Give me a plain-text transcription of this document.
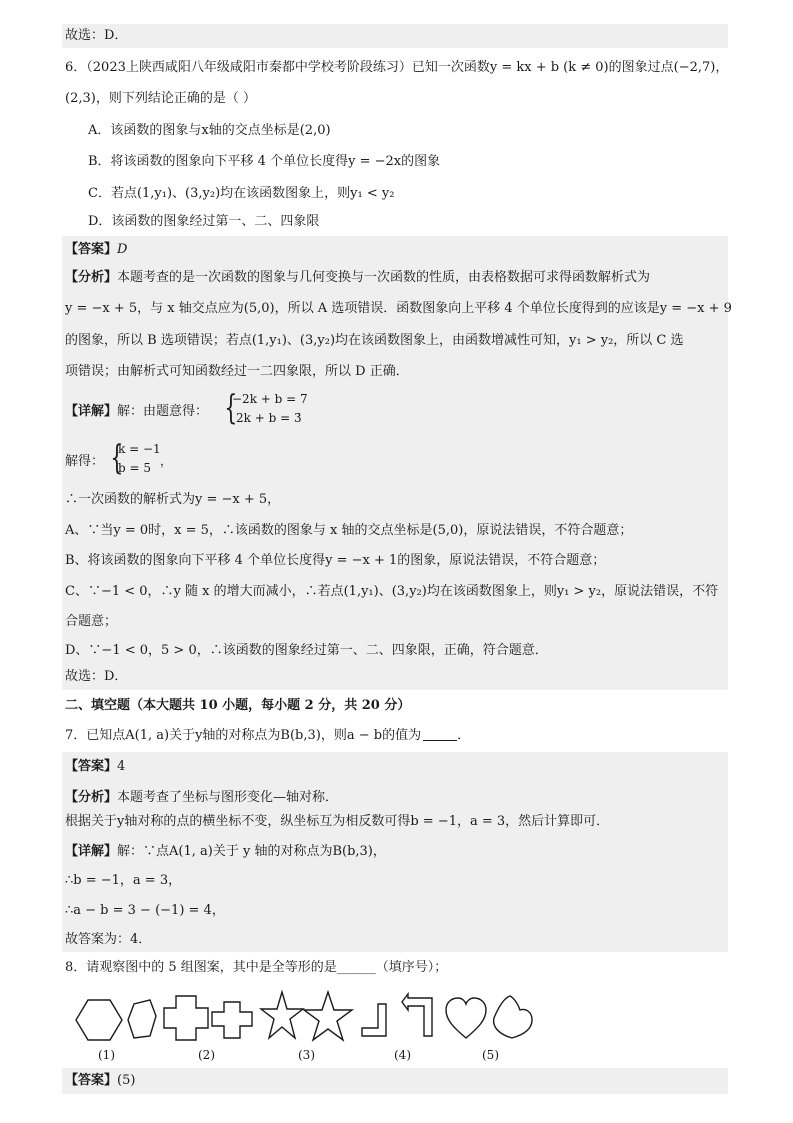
故选：D．
6．（2023上陕西咸阳八年级咸阳市秦都中学校考阶段练习）已知一次函数y = kx + b (k ≠ 0)的图象过点(−2,7)，
(2,3)，则下列结论正确的是（ ）
A．该函数的图象与x轴的交点坐标是(2,0)
B．将该函数的图象向下平移 4 个单位长度得y = −2x的图象
C．若点(1,y₁)、(3,y₂)均在该函数图象上，则y₁ < y₂
D．该函数的图象经过第一、二、四象限
【答案】D
【分析】本题考查的是一次函数的图象与几何变换与一次函数的性质，由表格数据可求得函数解析式为
y = −x + 5，与 x 轴交点应为(5,0)，所以 A 选项错误．函数图象向上平移 4 个单位长度得到的应该是y = −x + 9
的图象，所以 B 选项错误；若点(1,y₁)、(3,y₂)均在该函数图象上，由函数增减性可知，y₁ > y₂，所以 C 选
项错误；由解析式可知函数经过一二四象限，所以 D 正确．
【详解】解：由题意得： {
−2k + b = 7
2k + b = 3
，
解得： {
k = −1
b = 5 ，
∴一次函数的解析式为y = −x + 5，
A、∵当y = 0时，x = 5，∴该函数的图象与 x 轴的交点坐标是(5,0)，原说法错误，不符合题意；
B、将该函数的图象向下平移 4 个单位长度得y = −x + 1的图象，原说法错误，不符合题意；
C、∵−1 < 0，∴y 随 x 的增大而减小，∴若点(1,y₁)、(3,y₂)均在该函数图象上，则y₁ > y₂，原说法错误，不符
合题意；
D、∵−1 < 0，5 > 0，∴该函数的图象经过第一、二、四象限，正确，符合题意．
故选：D．
二、填空题（本大题共 10 小题，每小题 2 分，共 20 分）
7．已知点A(1, a)关于y轴的对称点为B(b,3)，则a − b的值为	．
【答案】4
【分析】本题考查了坐标与图形变化—轴对称．
根据关于y轴对称的点的横坐标不变，纵坐标互为相反数可得b = −1，a = 3，然后计算即可．
【详解】解：∵点A(1, a)关于 y 轴的对称点为B(b,3)，
∴b = −1，a = 3，
∴a − b = 3 − (−1) = 4，
故答案为：4．
8．请观察图中的 5 组图案，其中是全等形的是______（填序号）；
(1)	(2)	(3)	(4)	(5)
【答案】(5)
